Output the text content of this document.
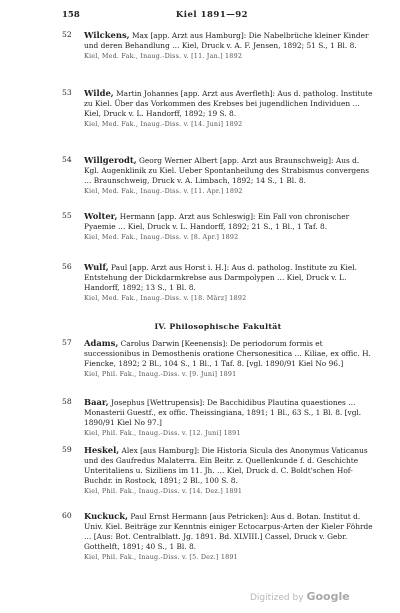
158	Kiel 1891—92
52 Wilckens, Max [app. Arzt aus Hamburg]: Die Nabelbrüche kleiner Kinder und deren Behandlung … Kiel, Druck v. A. F. Jensen, 1892; 51 S., 1 Bl. 8.
Kiel, Med. Fak., Inaug.-Diss. v. [11. Jan.] 1892
53 Wilde, Martin Johannes [app. Arzt aus Averfleth]: Aus d. patholog. Institute zu Kiel. Über das Vorkommen des Krebses bei jugendlichen Individuen … Kiel, Druck v. L. Handorff, 1892; 19 S. 8.
Kiel, Med. Fak., Inaug.-Diss. v. [14. Juni] 1892
54 Willgerodt, Georg Werner Albert [app. Arzt aus Braunschweig]: Aus d. Kgl. Augenklinik zu Kiel. Ueber Spontanheilung des Strabismus convergens … Braunschweig, Druck v. A. Limbach, 1892; 14 S., 1 Bl. 8.
Kiel, Med. Fak., Inaug.-Diss. v. [11. Apr.] 1892
55 Wolter, Hermann [app. Arzt aus Schleswig]: Ein Fall von chronischer Pyaemie … Kiel, Druck v. L. Handorff, 1892; 21 S., 1 Bl., 1 Taf. 8.
Kiel, Med. Fak., Inaug.-Diss. v. [8. Apr.] 1892
56 Wulf, Paul [app. Arzt aus Horst i. H.]: Aus d. patholog. Institute zu Kiel. Entstehung der Dickdarmkrebse aus Darmpolypen … Kiel, Druck v. L. Handorff, 1892; 13 S., 1 Bl. 8.
Kiel, Med. Fak., Inaug.-Diss. v. [18. März] 1892
IV. Philosophische Fakultät
57 Adams, Carolus Darwin [Keenensis]: De periodorum formis et successionibus in Demosthenis oratione Chersonesitica … Kiliae, ex offic. H. Fiencke, 1892; 2 Bl., 104 S., 1 Bl., 1 Taf. 8. [vgl. 1890/91 Kiel No 96.]
Kiel, Phil. Fak., Inaug.-Diss. v. [9. Juni] 1891
58 Baar, Josephus [Wettrupensis]: De Bacchidibus Plautina quaestiones … Monasterii Guestf., ex offic. Theissingiana, 1891; 1 Bl., 63 S., 1 Bl. 8. [vgl. 1890/91 Kiel No 97.]
Kiel, Phil. Fak., Inaug.-Diss. v. [12. Juni] 1891
59 Heskel, Alex [aus Hamburg]: Die Historia Sicula des Anonymus Vaticanus und des Gaufredus Malaterra. Ein Beitr. z. Quellenkunde f. d. Geschichte Unteritaliens u. Siziliens im 11. Jh. … Kiel, Druck d. C. Boldt'schen Hof-Buchdr. in Rostock, 1891; 2 Bl., 100 S. 8.
Kiel, Phil. Fak., Inaug.-Diss. v. [14. Dez.] 1891
60 Kuckuck, Paul Ernst Hermann [aus Petricken]: Aus d. Botan. Institut d. Univ. Kiel. Beiträge zur Kenntnis einiger Ectocarpus-Arten der Kieler Föhrde … [Aus: Bot. Centralblatt. Jg. 1891. Bd. XLVIII.] Cassel, Druck v. Gebr. Gotthelft, 1891; 40 S., 1 Bl. 8.
Kiel, Phil. Fak., Inaug.-Diss. v. [5. Dez.] 1891
Digitized by Google
